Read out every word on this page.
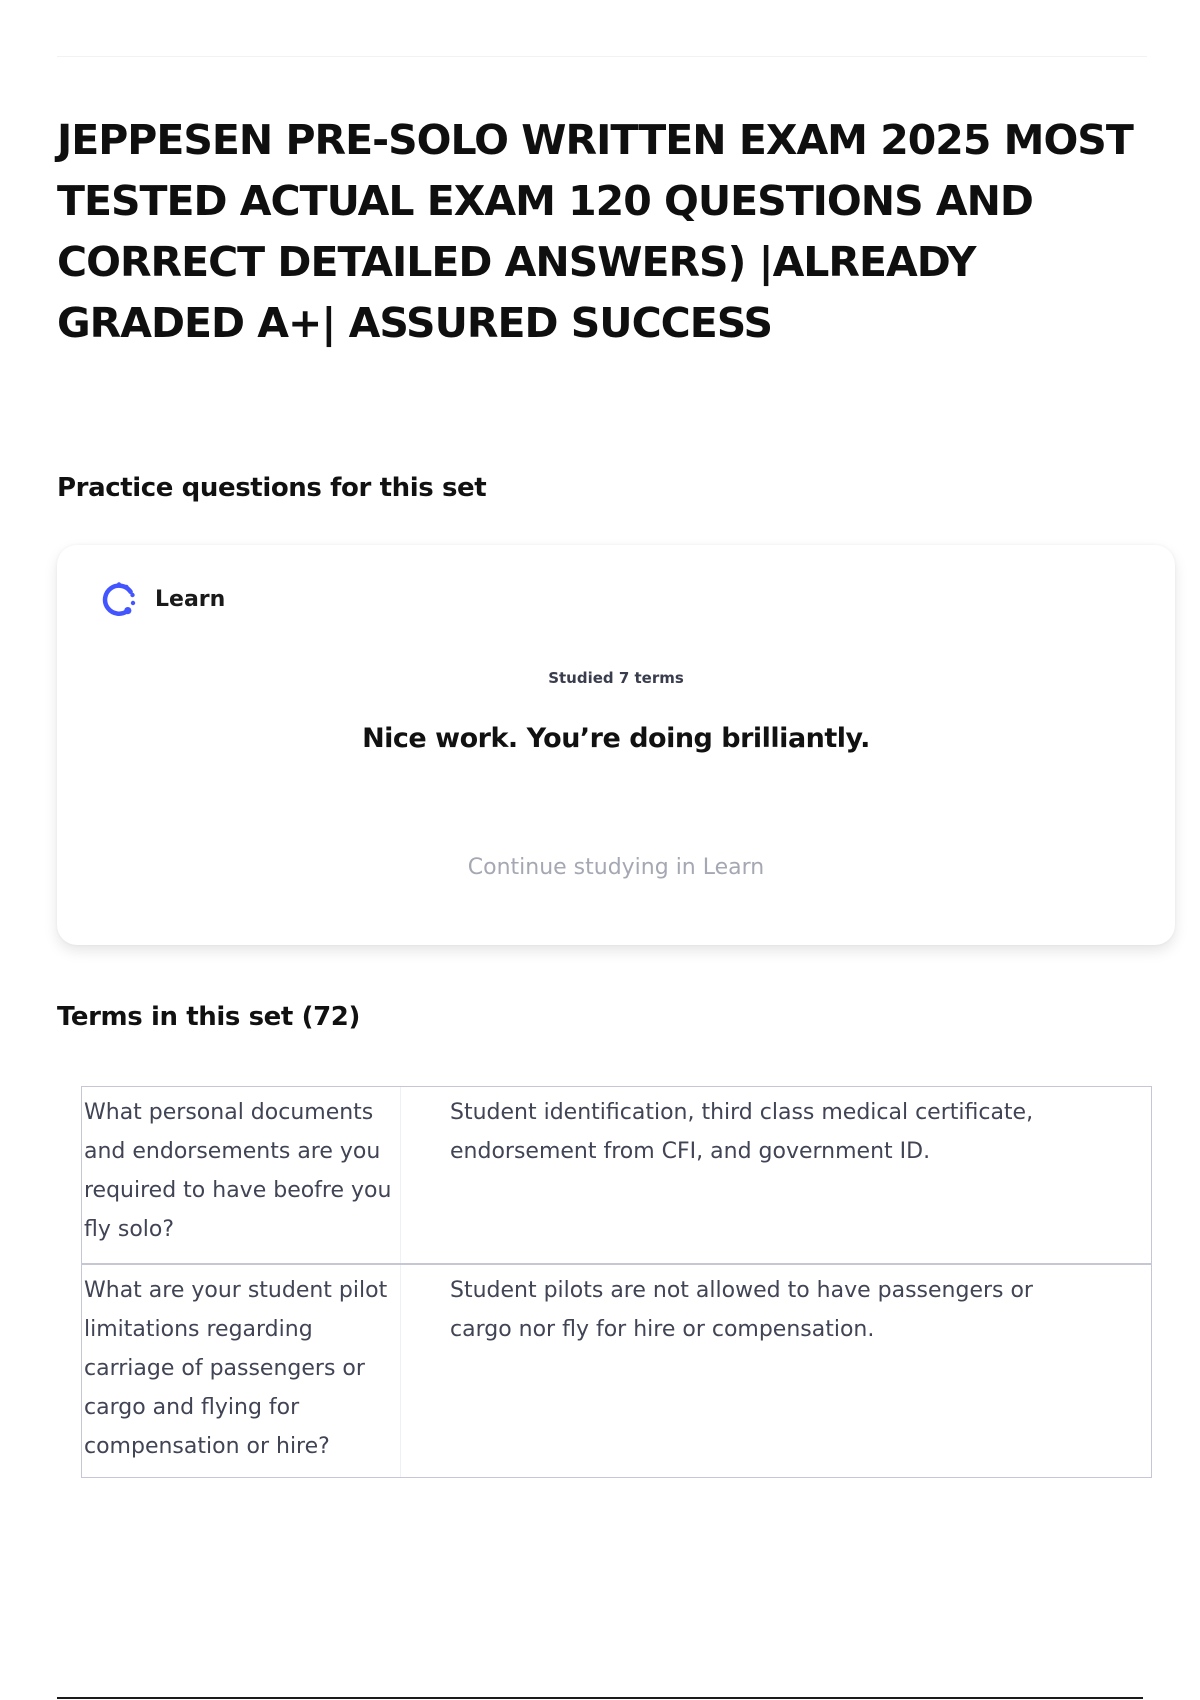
JEPPESEN PRE-SOLO WRITTEN EXAM 2025 MOST TESTED ACTUAL EXAM 120 QUESTIONS AND CORRECT DETAILED ANSWERS) |ALREADY GRADED A+| ASSURED SUCCESS
Practice questions for this set
Learn
Studied 7 terms
Nice work. You’re doing brilliantly.
Continue studying in Learn
Terms in this set (72)
What personal documents and endorsements are you required to have beofre you fly solo?
Student identification, third class medical certificate, endorsement from CFI, and government ID.
What are your student pilot limitations regarding carriage of passengers or cargo and flying for compensation or hire?
Student pilots are not allowed to have passengers or cargo nor fly for hire or compensation.
